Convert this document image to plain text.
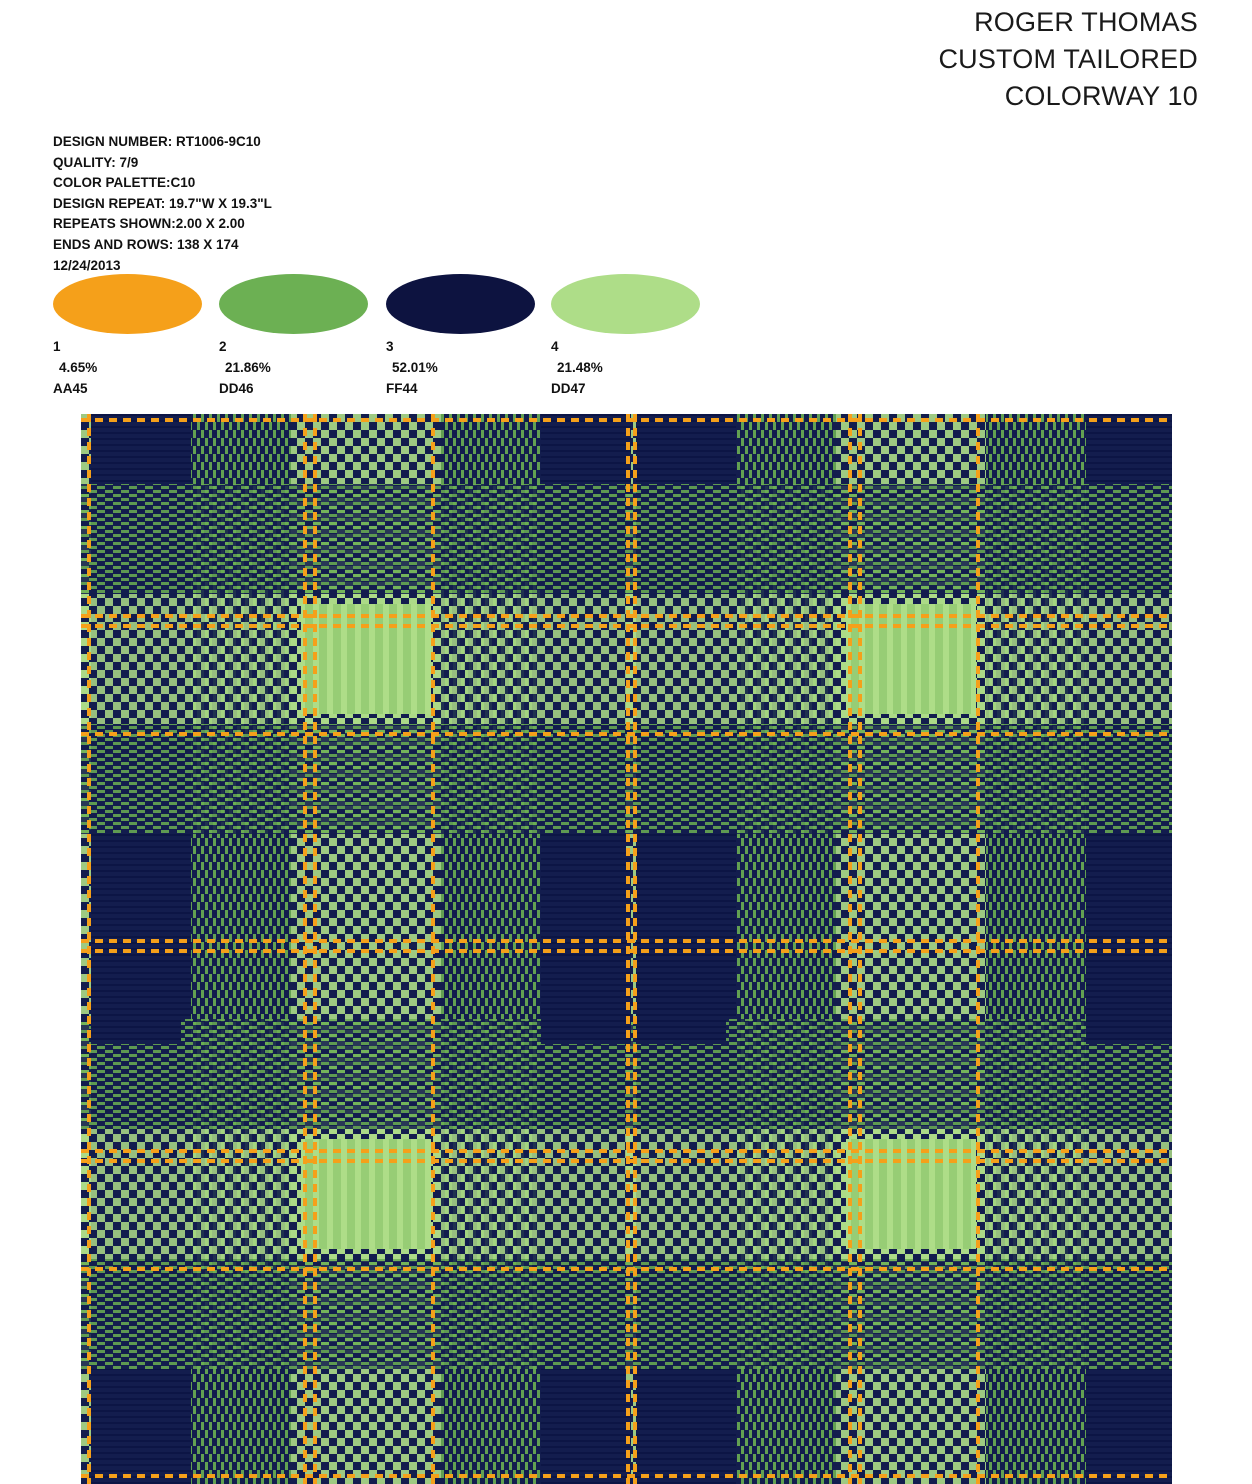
ROGER THOMAS
CUSTOM TAILORED
COLORWAY 10
DESIGN NUMBER: RT1006-9C10
QUALITY: 7/9
COLOR PALETTE:C10
DESIGN REPEAT: 19.7"W X 19.3"L
REPEATS SHOWN:2.00 X 2.00
ENDS AND ROWS: 138 X 174
12/24/2013
1
4.65%
AA45
2
21.86%
DD46
3
52.01%
FF44
4
21.48%
DD47
